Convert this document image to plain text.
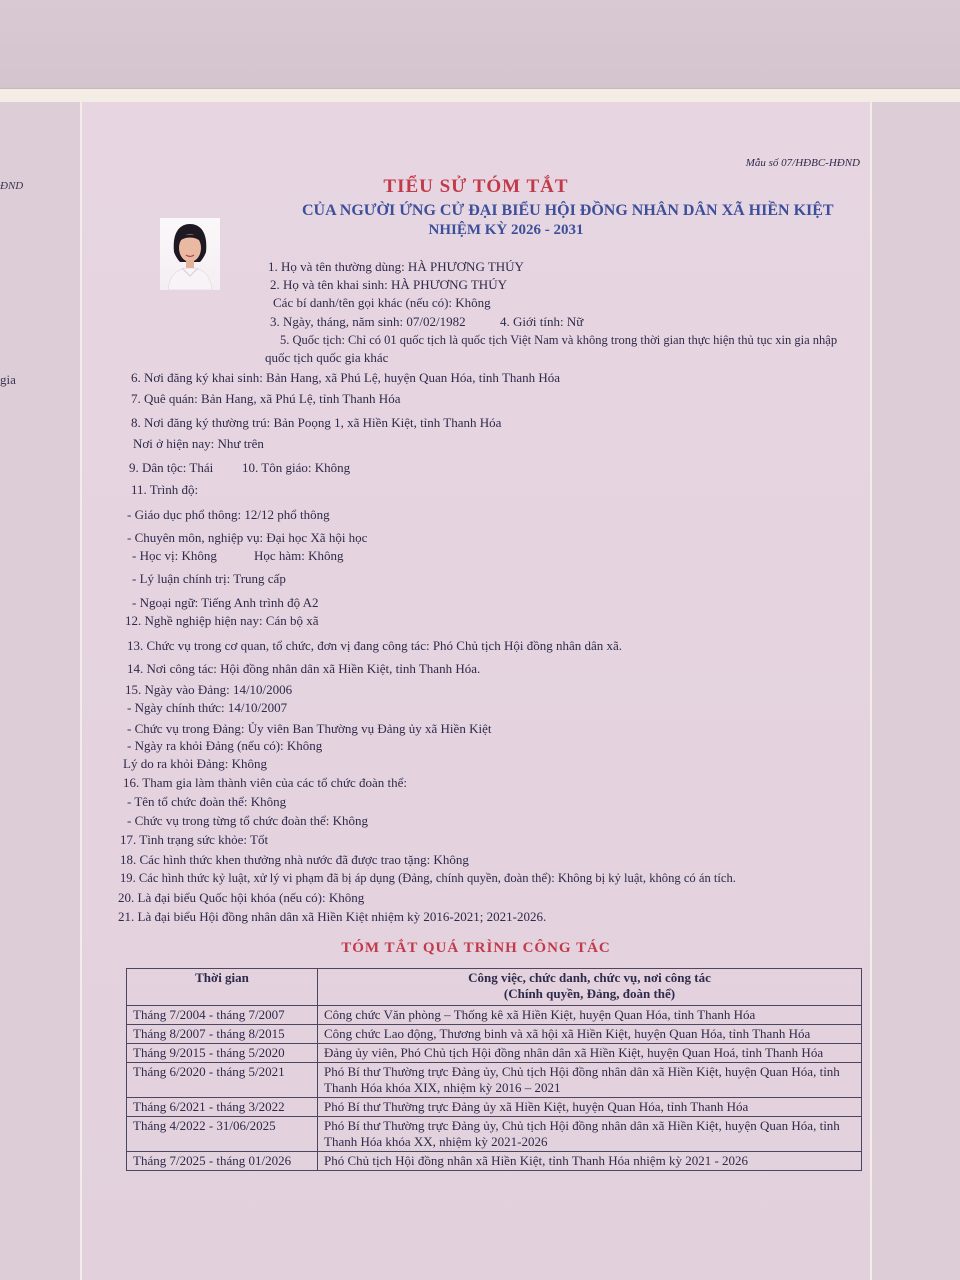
ĐND
gia
Mẫu số 07/HĐBC-HĐND
TIỂU SỬ TÓM TẮT
CỦA NGƯỜI ỨNG CỬ ĐẠI BIỂU HỘI ĐỒNG NHÂN DÂN XÃ HIỀN KIỆT
NHIỆM KỲ 2026 - 2031
1. Họ và tên thường dùng: HÀ PHƯƠNG THÚY
2. Họ và tên khai sinh: HÀ PHƯƠNG THÚY
Các bí danh/tên gọi khác (nếu có): Không
3. Ngày, tháng, năm sinh: 07/02/1982	4. Giới tính: Nữ
5. Quốc tịch: Chỉ có 01 quốc tịch là quốc tịch Việt Nam và không trong thời gian thực hiện thủ tục xin gia nhập
quốc tịch quốc gia khác
6. Nơi đăng ký khai sinh: Bản Hang, xã Phú Lệ, huyện Quan Hóa, tỉnh Thanh Hóa
7. Quê quán: Bản Hang, xã Phú Lệ, tỉnh Thanh Hóa
8. Nơi đăng ký thường trú: Bản Poọng 1, xã Hiền Kiệt, tỉnh Thanh Hóa
Nơi ở hiện nay: Như trên
9. Dân tộc: Thái 10. Tôn giáo: Không
11. Trình độ:
- Giáo dục phổ thông: 12/12 phổ thông
- Chuyên môn, nghiệp vụ: Đại học Xã hội học
- Học vị: Không	Học hàm: Không
- Lý luận chính trị: Trung cấp
- Ngoại ngữ: Tiếng Anh trình độ A2
12. Nghề nghiệp hiện nay: Cán bộ xã
13. Chức vụ trong cơ quan, tổ chức, đơn vị đang công tác: Phó Chủ tịch Hội đồng nhân dân xã.
14. Nơi công tác: Hội đồng nhân dân xã Hiền Kiệt, tỉnh Thanh Hóa.
15. Ngày vào Đảng: 14/10/2006
- Ngày chính thức: 14/10/2007
- Chức vụ trong Đảng: Ủy viên Ban Thường vụ Đảng ủy xã Hiền Kiệt
- Ngày ra khỏi Đảng (nếu có): Không
Lý do ra khỏi Đảng: Không
16. Tham gia làm thành viên của các tổ chức đoàn thể:
- Tên tổ chức đoàn thể: Không
- Chức vụ trong từng tổ chức đoàn thể: Không
17. Tình trạng sức khỏe: Tốt
18. Các hình thức khen thưởng nhà nước đã được trao tặng: Không
19. Các hình thức kỷ luật, xử lý vi phạm đã bị áp dụng (Đảng, chính quyền, đoàn thể): Không bị kỷ luật, không có án tích.
20. Là đại biểu Quốc hội khóa (nếu có): Không
21. Là đại biểu Hội đồng nhân dân xã Hiền Kiệt nhiệm kỳ 2016-2021; 2021-2026.
TÓM TẮT QUÁ TRÌNH CÔNG TÁC
Thời gian	Công việc, chức danh, chức vụ, nơi công tác
(Chính quyền, Đảng, đoàn thể)

Tháng 7/2004 - tháng 7/2007	Công chức Văn phòng – Thống kê xã Hiền Kiệt, huyện Quan Hóa, tỉnh Thanh Hóa
Tháng 8/2007 - tháng 8/2015	Công chức Lao động, Thương binh và xã hội xã Hiền Kiệt, huyện Quan Hóa, tỉnh Thanh Hóa
Tháng 9/2015 - tháng 5/2020	Đảng ủy viên, Phó Chủ tịch Hội đồng nhân dân xã Hiền Kiệt, huyện Quan Hoá, tỉnh Thanh Hóa
Tháng 6/2020 - tháng 5/2021	Phó Bí thư Thường trực Đảng ủy, Chủ tịch Hội đồng nhân dân xã Hiền Kiệt, huyện Quan Hóa, tỉnh Thanh Hóa khóa XIX, nhiệm kỳ 2016 – 2021
Tháng 6/2021 - tháng 3/2022	Phó Bí thư Thường trực Đảng ủy xã Hiền Kiệt, huyện Quan Hóa, tỉnh Thanh Hóa
Tháng 4/2022 - 31/06/2025	Phó Bí thư Thường trực Đảng ủy, Chủ tịch Hội đồng nhân dân xã Hiền Kiệt, huyện Quan Hóa, tỉnh Thanh Hóa khóa XX, nhiệm kỳ 2021-2026
Tháng 7/2025 - tháng 01/2026	Phó Chủ tịch Hội đồng nhân xã Hiền Kiệt, tỉnh Thanh Hóa nhiệm kỳ 2021 - 2026
